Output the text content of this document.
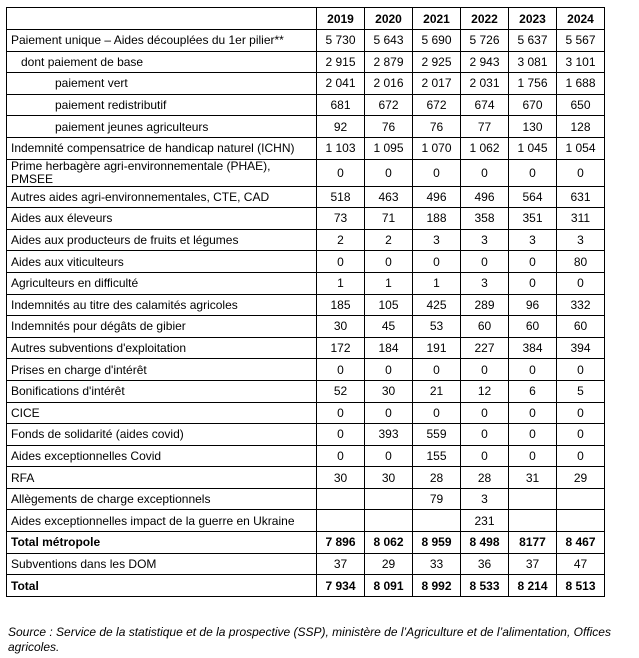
	2019	2020	2021	2022	2023	2024
Paiement unique – Aides découplées du 1er pilier**	5 730	5 643	5 690	5 726	5 637	5 567
dont paiement de base	2 915	2 879	2 925	2 943	3 081	3 101
paiement vert	2 041	2 016	2 017	2 031	1 756	1 688
paiement redistributif	681	672	672	674	670	650
paiement jeunes agriculteurs	92	76	76	77	130	128
Indemnité compensatrice de handicap naturel (ICHN)	1 103	1 095	1 070	1 062	1 045	1 054
Prime herbagère agri-environnementale (PHAE), PMSEE	0	0	0	0	0	0
Autres aides agri-environnementales, CTE, CAD	518	463	496	496	564	631
Aides aux éleveurs	73	71	188	358	351	311
Aides aux producteurs de fruits et légumes	2	2	3	3	3	3
Aides aux viticulteurs	0	0	0	0	0	80
Agriculteurs en difficulté	1	1	1	3	0	0
Indemnités au titre des calamités agricoles	185	105	425	289	96	332
Indemnités pour dégâts de gibier	30	45	53	60	60	60
Autres subventions d'exploitation	172	184	191	227	384	394
Prises en charge d'intérêt	0	0	0	0	0	0
Bonifications d'intérêt	52	30	21	12	6	5
CICE	0	0	0	0	0	0
Fonds de solidarité (aides covid)	0	393	559	0	0	0
Aides exceptionnelles Covid	0	0	155	0	0	0
RFA	30	30	28	28	31	29
Allègements de charge exceptionnels			79	3		
Aides exceptionnelles impact de la guerre en Ukraine				231		
Total métropole	7 896	8 062	8 959	8 498	8177	8 467
Subventions dans les DOM	37	29	33	36	37	47
Total	7 934	8 091	8 992	8 533	8 214	8 513
Source : Service de la statistique et de la prospective (SSP), ministère de l’Agriculture et de l’alimentation, Offices agricoles.
